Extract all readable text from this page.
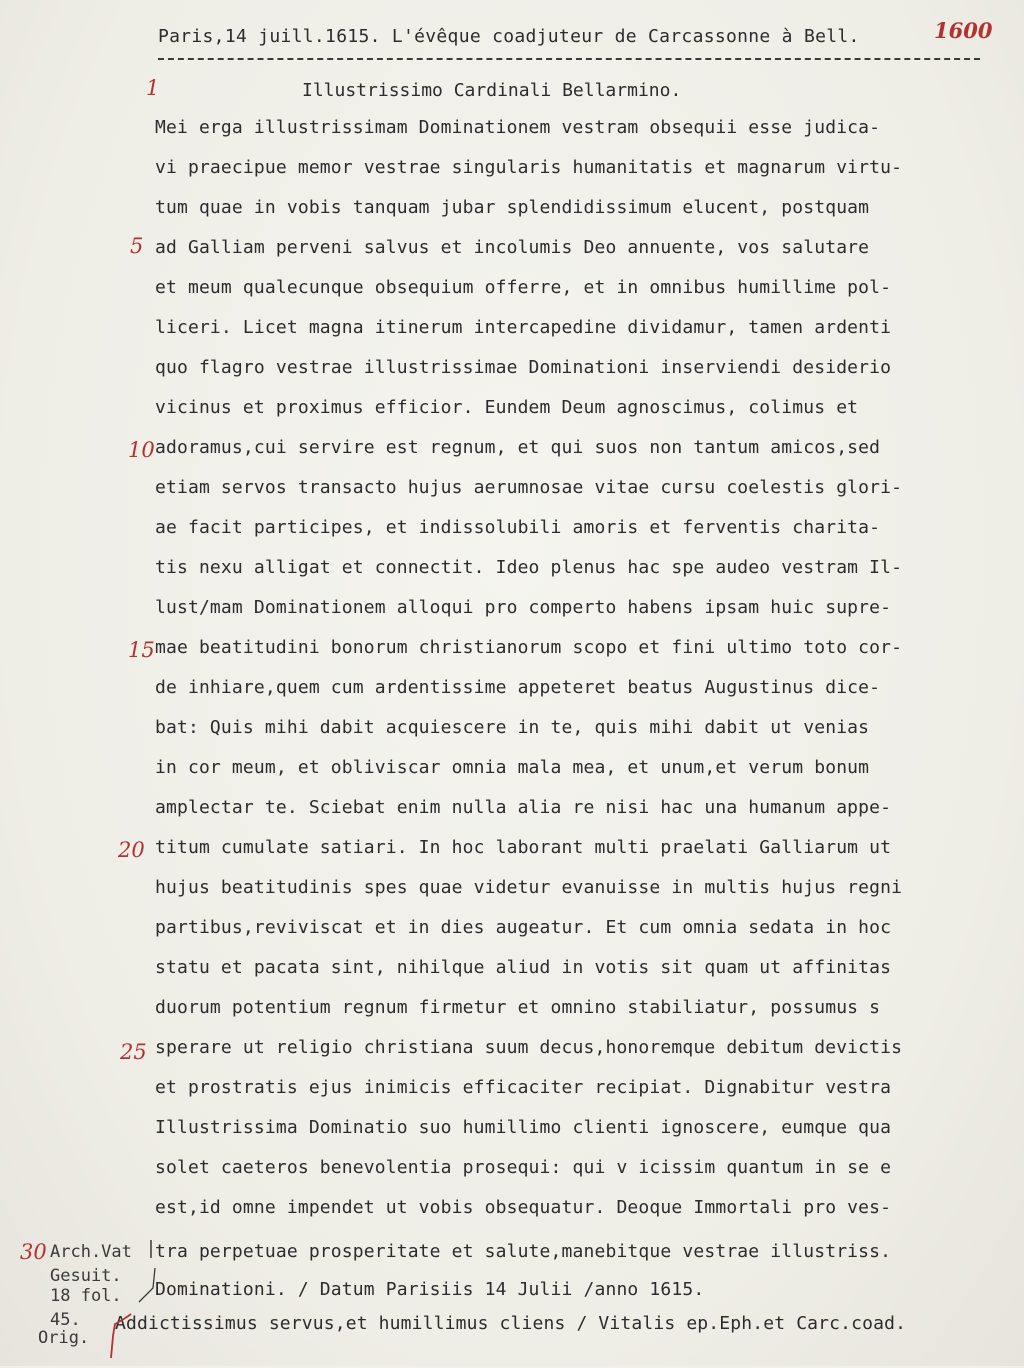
Paris,14 juill.1615. L'évêque coadjuteur de Carcassonne à Bell.	1600
1	Illustrissimo Cardinali Bellarmino.
Mei erga illustrissimam Dominationem vestram obsequii esse judica-
vi praecipue memor vestrae singularis humanitatis et magnarum virtu-
tum quae in vobis tanquam jubar splendidissimum elucent, postquam
ad Galliam perveni salvus et incolumis Deo annuente, vos salutare
et meum qualecunque obsequium offerre, et in omnibus humillime pol-
liceri. Licet magna itinerum intercapedine dividamur, tamen ardenti
quo flagro vestrae illustrissimae Dominationi inserviendi desiderio
vicinus et proximus efficior. Eundem Deum agnoscimus, colimus et
adoramus,cui servire est regnum, et qui suos non tantum amicos,sed
etiam servos transacto hujus aerumnosae vitae cursu coelestis glori-
ae facit participes, et indissolubili amoris et ferventis charita-
tis nexu alligat et connectit. Ideo plenus hac spe audeo vestram Il-
lust/mam Dominationem alloqui pro comperto habens ipsam huic supre-
mae beatitudini bonorum christianorum scopo et fini ultimo toto cor-
de inhiare,quem cum ardentissime appeteret beatus Augustinus dice-
bat: Quis mihi dabit acquiescere in te, quis mihi dabit ut venias
in cor meum, et obliviscar omnia mala mea, et unum,et verum bonum
amplectar te. Sciebat enim nulla alia re nisi hac una humanum appe-
titum cumulate satiari. In hoc laborant multi praelati Galliarum ut
hujus beatitudinis spes quae videtur evanuisse in multis hujus regni
partibus,reviviscat et in dies augeatur. Et cum omnia sedata in hoc
statu et pacata sint, nihilque aliud in votis sit quam ut affinitas
duorum potentium regnum firmetur et omnino stabiliatur, possumus s
sperare ut religio christiana suum decus,honoremque debitum devictis
et prostratis ejus inimicis efficaciter recipiat. Dignabitur vestra
Illustrissima Dominatio suo humillimo clienti ignoscere, eumque qua
solet caeteros benevolentia prosequi: qui v icissim quantum in se e
est,id omne impendet ut vobis obsequatur. Deoque Immortali pro ves-
tra perpetuae prosperitate et salute,manebitque vestrae illustriss.
Dominationi. / Datum Parisiis 14 Julii /anno 1615.
Addictissimus servus,et humillimus cliens / Vitalis ep.Eph.et Carc.coad.
5
10
15
20
25
30 Arch.Vat
Gesuit.
18 fol.
45.
Orig.
